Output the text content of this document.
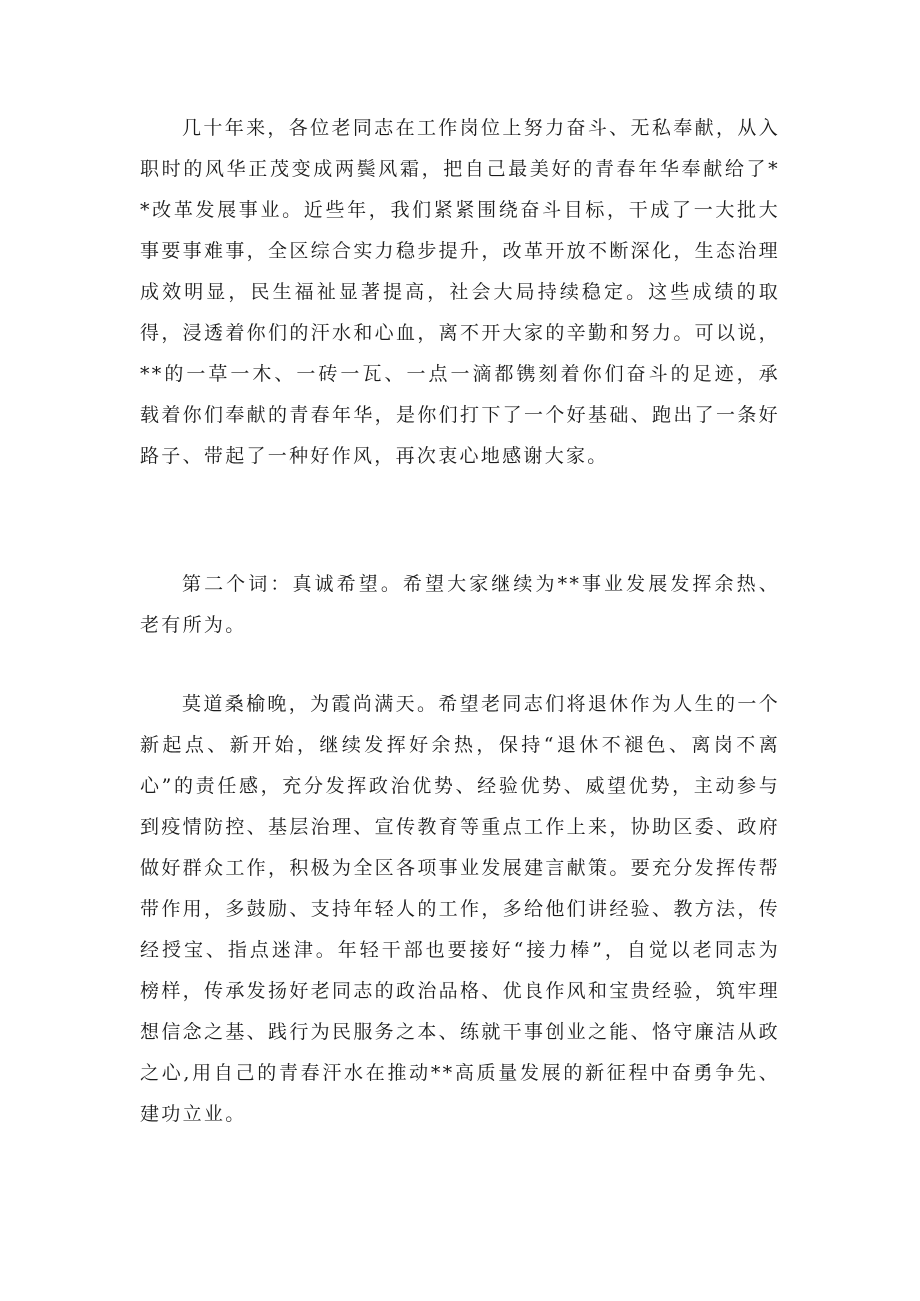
几十年来，各位老同志在工作岗位上努力奋斗、无私奉献，从入职时的风华正茂变成两鬓风霜，把自己最美好的青春年华奉献给了**改革发展事业。近些年，我们紧紧围绕奋斗目标，干成了一大批大事要事难事，全区综合实力稳步提升，改革开放不断深化，生态治理成效明显，民生福祉显著提高，社会大局持续稳定。这些成绩的取得，浸透着你们的汗水和心血，离不开大家的辛勤和努力。可以说，**的一草一木、一砖一瓦、一点一滴都镌刻着你们奋斗的足迹，承载着你们奉献的青春年华，是你们打下了一个好基础、跑出了一条好路子、带起了一种好作风，再次衷心地感谢大家。

第二个词：真诚希望。希望大家继续为**事业发展发挥余热、老有所为。

莫道桑榆晚，为霞尚满天。希望老同志们将退休作为人生的一个新起点、新开始，继续发挥好余热，保持“退休不褪色、离岗不离心”的责任感，充分发挥政治优势、经验优势、威望优势，主动参与到疫情防控、基层治理、宣传教育等重点工作上来，协助区委、政府做好群众工作，积极为全区各项事业发展建言献策。要充分发挥传帮带作用，多鼓励、支持年轻人的工作，多给他们讲经验、教方法，传经授宝、指点迷津。年轻干部也要接好“接力棒”，自觉以老同志为榜样，传承发扬好老同志的政治品格、优良作风和宝贵经验，筑牢理想信念之基、践行为民服务之本、练就干事创业之能、恪守廉洁从政之心,用自己的青春汗水在推动**高质量发展的新征程中奋勇争先、建功立业。
